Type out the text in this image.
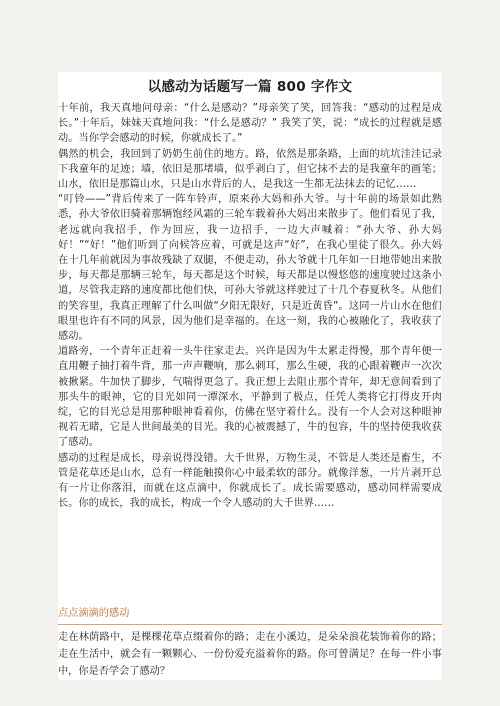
以感动为话题写一篇 800 字作文

十年前，我天真地问母亲：“什么是感动？”母亲笑了笑，回答我：“感动的过程是成长。”十年后，妹妹天真地问我：“什么是感动？” 我笑了笑，说：“成长的过程就是感动。当你学会感动的时候，你就成长了。”

偶然的机会，我回到了奶奶生前住的地方。路，依然是那条路，上面的坑坑洼洼记录下我童年的足迹；墙，依旧是那堵墙，似乎剥白了，但它抹不去的是我童年的画笔；山水，依旧是那篇山水，只是山水背后的人，是我这一生都无法抹去的记忆……

“叮铃——”背后传来了一阵车铃声，原来孙大妈和孙大爷。与十年前的场景如此熟悉，孙大爷依旧骑着那辆饱经风霜的三轮车载着孙大妈出来散步了。他们看见了我，老远就向我招手，作为回应，我一边招手，一边大声喊着：“孙大爷、孙大妈好！”“好！”他们听到了向候答应着，可就是这声“好”，在我心里徒了很久。孙大妈在十几年前就因为事故残缺了双腿，不便走动，孙大爷就十几年如一日地带她出来散步，每天都是那辆三轮车，每天都是这个时候，每天都是以慢悠悠的速度驶过这条小道，尽管我走路的速度都比他们快，可孙大爷就这样驶过了十几个春夏秋冬。从他们的笑容里，我真正理解了什么叫做“夕阳无限好，只是近黄昏”。这同一片山水在他们眼里也许有不同的风景，因为他们是幸福的。在这一刻，我的心被融化了，我收获了感动。

道路旁，一个青年正赶着一头牛往家走去。兴许是因为牛太累走得慢，那个青年便一直用鞭子抽打着牛背，那一声声鞭响，那么刺耳，那么生硬，我的心跟着鞭声一次次被揪紧。牛加快了脚步，气喘得更急了。我正想上去阻止那个青年，却无意间看到了那头牛的眼神，它的目光如同一潭深水，平静到了极点，任凭人类将它打得皮开肉绽，它的目光总是用那种眼神看着你，仿佛在坚守着什么。没有一个人会对这种眼神视若无睹，它是人世间最美的目光。我的心被震撼了，牛的包容，牛的坚持使我收获了感动。

感动的过程是成长，母亲说得没错。大千世界，万物生灵，不管是人类还是畜生，不管是花草还是山水，总有一样能触摸你心中最柔软的部分。就像洋葱，一片片剥开总有一片让你落泪，而就在这点滴中，你就成长了。成长需要感动，感动同样需要成长。你的成长，我的成长，构成一个令人感动的大千世界……

点点滴滴的感动

走在林荫路中，是棵棵花草点缀着你的路；走在小溪边，是朵朵浪花装饰着你的路；走在生活中，就会有一颗颗心、一份份爱充溢着你的路。你可曾满足？在每一件小事中，你是否学会了感动？
